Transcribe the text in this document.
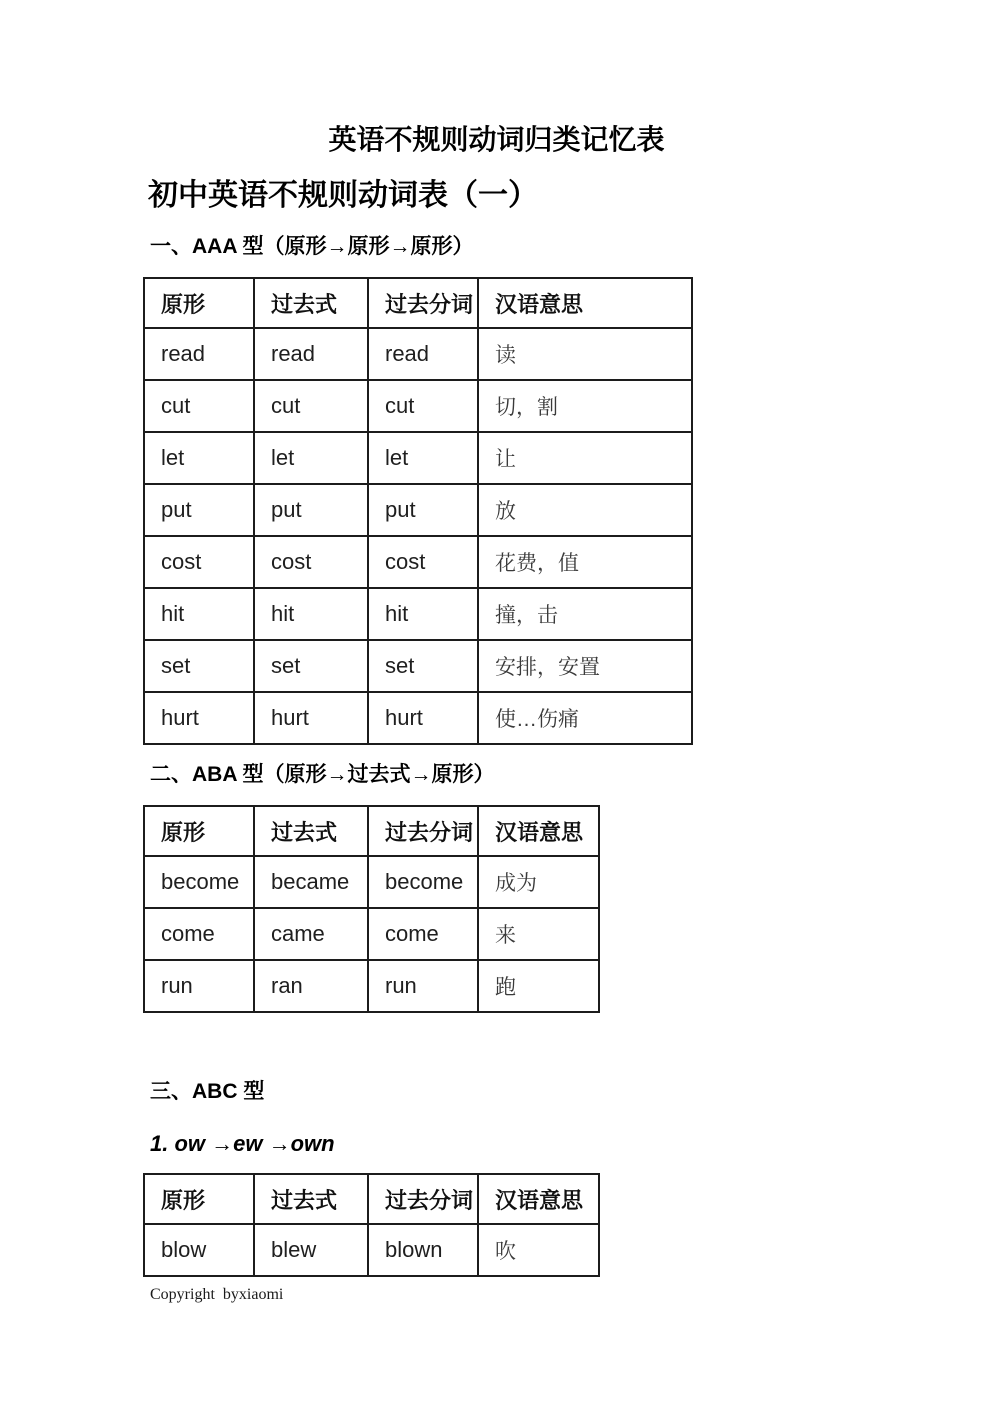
英语不规则动词归类记忆表
初中英语不规则动词表（一）
一、AAA 型（原形→原形→原形）
原形	过去式	过去分词	汉语意思
read	read	read	读
cut	cut	cut	切，割
let	let	let	让
put	put	put	放
cost	cost	cost	花费，值
hit	hit	hit	撞，击
set	set	set	安排，安置
hurt	hurt	hurt	使…伤痛
二、ABA 型（原形→过去式→原形）
原形	过去式	过去分词	汉语意思
become	became	become	成为
come	came	come	来
run	ran	run	跑
三、ABC 型

1. ow →ew →own

原形	过去式	过去分词	汉语意思
blow	blew	blown	吹
Copyright  byxiaomi
